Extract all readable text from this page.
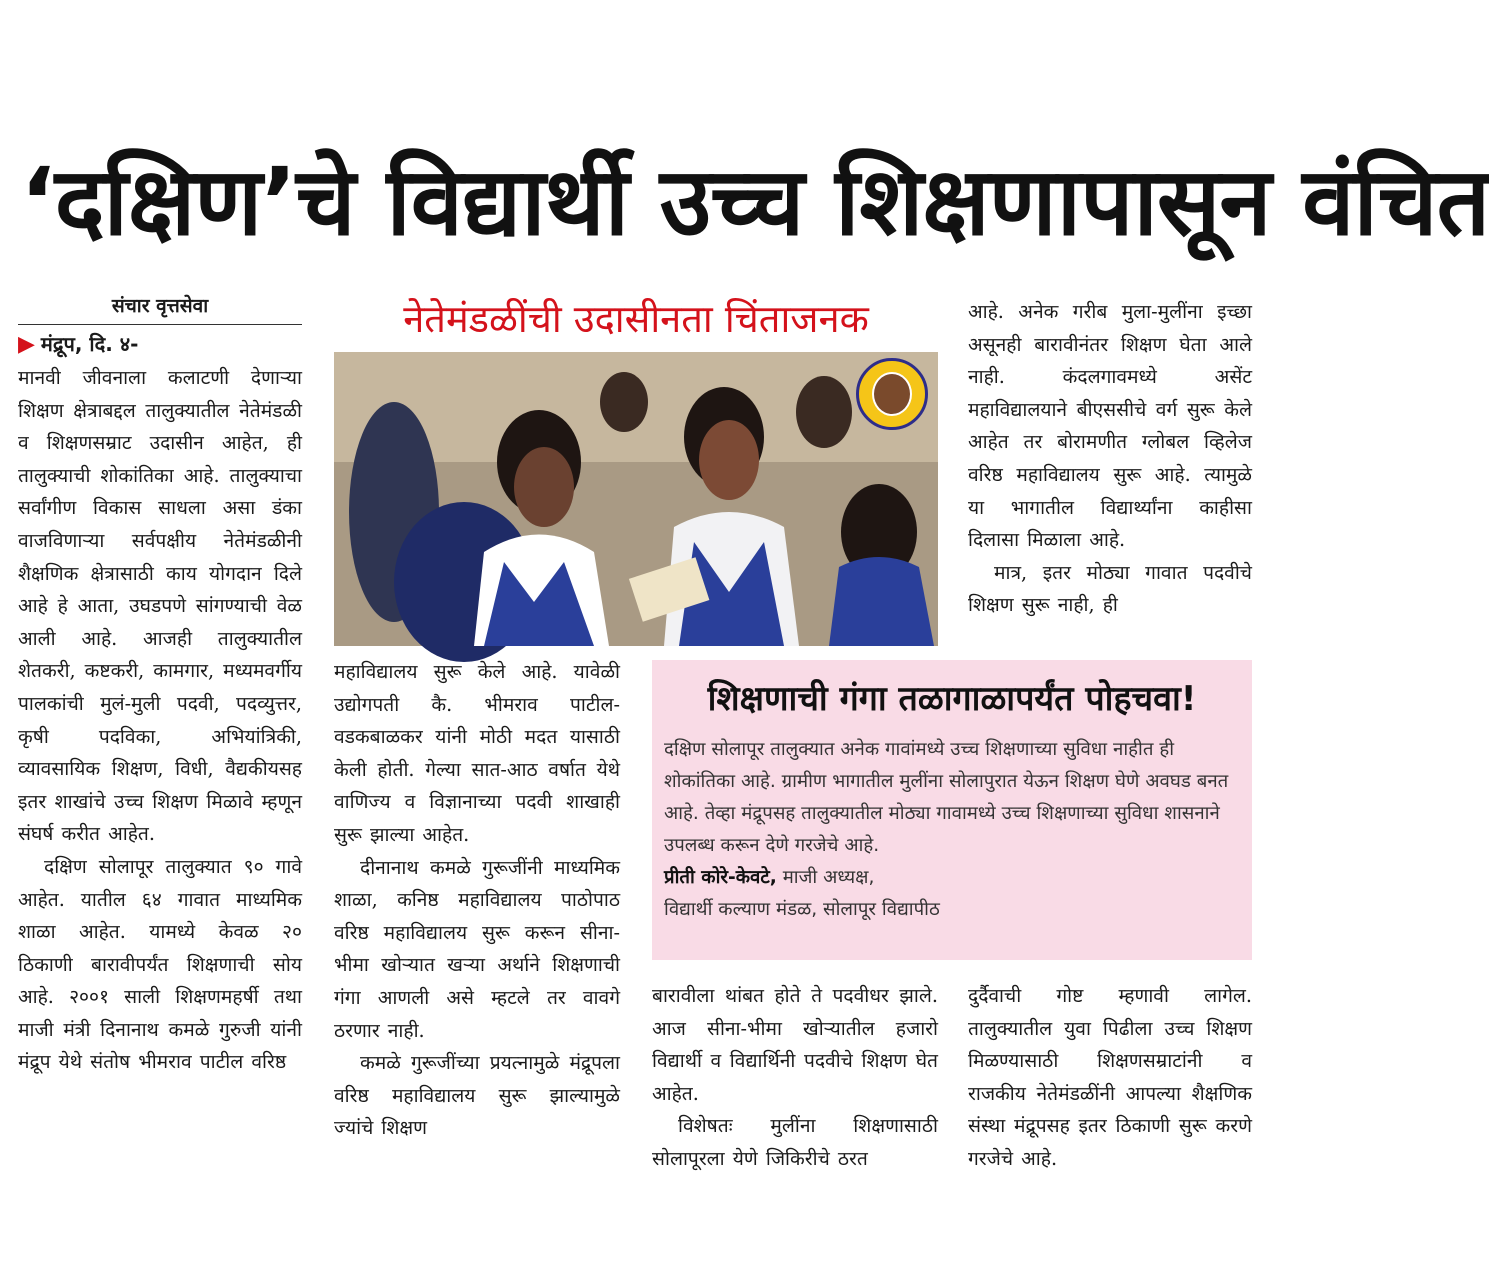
‘दक्षिण’चे विद्यार्थी उच्च शिक्षणापासून वंचित
संचार वृत्तसेवा
▶ मंद्रूप, दि. ४-

मानवी जीवनाला कलाटणी देणाऱ्या शिक्षण क्षेत्राबद्दल तालुक्यातील नेतेमंडळी व शिक्षणसम्राट उदासीन आहेत, ही तालुक्याची शोकांतिका आहे. तालुक्याचा सर्वांगीण विकास साधला असा डंका वाजविणाऱ्या सर्वपक्षीय नेतेमंडळीनी शैक्षणिक क्षेत्रासाठी काय योगदान दिले आहे हे आता, उघडपणे सांगण्याची वेळ आली आहे. आजही तालुक्यातील शेतकरी, कष्टकरी, कामगार, मध्यमवर्गीय पालकांची मुलं-मुली पदवी, पदव्युत्तर, कृषी पदविका, अभियांत्रिकी, व्यावसायिक शिक्षण, विधी, वैद्यकीयसह इतर शाखांचे उच्च शिक्षण मिळावे म्हणून संघर्ष करीत आहेत.

दक्षिण सोलापूर तालुक्यात ९० गावे आहेत. यातील ६४ गावात माध्यमिक शाळा आहेत. यामध्ये केवळ २० ठिकाणी बारावीपर्यंत शिक्षणाची सोय आहे. २००१ साली शिक्षणमहर्षी तथा माजी मंत्री दिनानाथ कमळे गुरुजी यांनी मंद्रूप येथे संतोष भीमराव पाटील वरिष्ठ

नेतेमंडळींची उदासीनता चिंताजनक

महाविद्यालय सुरू केले आहे. यावेळी उद्योगपती कै. भीमराव पाटील-वडकबाळकर यांनी मोठी मदत यासाठी केली होती. गेल्या सात-आठ वर्षात येथे वाणिज्य व विज्ञानाच्या पदवी शाखाही सुरू झाल्या आहेत.

दीनानाथ कमळे गुरूजींनी माध्यमिक शाळा, कनिष्ठ महाविद्यालय पाठोपाठ वरिष्ठ महाविद्यालय सुरू करून सीना-भीमा खोऱ्यात खऱ्या अर्थाने शिक्षणाची गंगा आणली असे म्हटले तर वावगे ठरणार नाही.

कमळे गुरूजींच्या प्रयत्नामुळे मंद्रूपला वरिष्ठ महाविद्यालय सुरू झाल्यामुळे ज्यांचे शिक्षण

आहे. अनेक गरीब मुला-मुलींना इच्छा असूनही बारावीनंतर शिक्षण घेता आले नाही. कंदलगावमध्ये असेंट महाविद्यालयाने बीएससीचे वर्ग सुरू केले आहेत तर बोरामणीत ग्लोबल व्हिलेज वरिष्ठ महाविद्यालय सुरू आहे. त्यामुळे या भागातील विद्यार्थ्यांना काहीसा दिलासा मिळाला आहे.

मात्र, इतर मोठ्या गावात पदवीचे शिक्षण सुरू नाही, ही

शिक्षणाची गंगा तळागाळापर्यंत पोहचवा!

दक्षिण सोलापूर तालुक्यात अनेक गावांमध्ये उच्च शिक्षणाच्या सुविधा नाहीत ही शोकांतिका आहे. ग्रामीण भागातील मुलींना सोलापुरात येऊन शिक्षण घेणे अवघड बनत आहे. तेव्हा मंद्रूपसह तालुक्यातील मोठ्या गावामध्ये उच्च शिक्षणाच्या सुविधा शासनाने उपलब्ध करून देणे गरजेचे आहे.

प्रीती कोरे-केवटे, माजी अध्यक्ष,

विद्यार्थी कल्याण मंडळ, सोलापूर विद्यापीठ

बारावीला थांबत होते ते पदवीधर झाले. आज सीना-भीमा खोऱ्यातील हजारो विद्यार्थी व विद्यार्थिनी पदवीचे शिक्षण घेत आहेत.

विशेषतः मुलींना शिक्षणासाठी सोलापूरला येणे जिकिरीचे ठरत

दुर्दैवाची गोष्ट म्हणावी लागेल. तालुक्यातील युवा पिढीला उच्च शिक्षण मिळण्यासाठी शिक्षणसम्राटांनी व राजकीय नेतेमंडळींनी आपल्या शैक्षणिक संस्था मंद्रूपसह इतर ठिकाणी सुरू करणे गरजेचे आहे.
